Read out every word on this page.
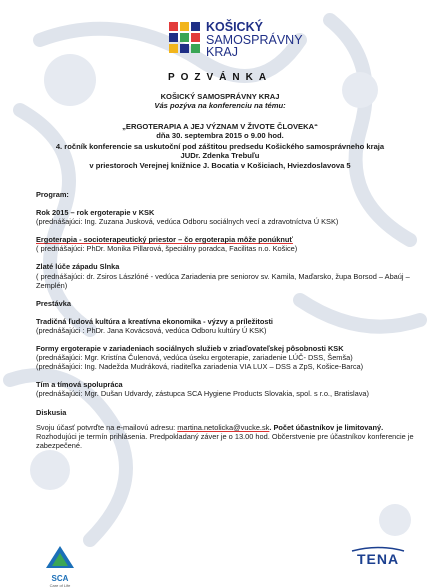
KOŠICKÝ
SAMOSPRÁVNY
KRAJ
POZVÁNKA
KOŠICKÝ SAMOSPRÁVNY KRAJ
Vás pozýva na konferenciu na tému:
„ERGOTERAPIA A JEJ VÝZNAM V ŽIVOTE ČLOVEKA“
dňa 30. septembra 2015 o 9.00 hod.
4. ročník konferencie sa uskutoční pod záštitou predsedu Košického samosprávneho kraja
JUDr. Zdenka Trebuľu
v priestoroch Verejnej knižnice J. Bocatia v Košiciach, Hviezdoslavova 5

Program:

Rok 2015 – rok ergoterapie v KSK

(prednášajúci: Ing. Zuzana Jusková, vedúca Odboru sociálnych vecí a zdravotníctva Ú KSK)

Ergoterapia - socioterapeutický priestor – čo ergoterapia môže ponúknuť

( prednášajúci: PhDr. Monika Pillarová, špeciálny poradca, Facilitas n.o. Košice)

Zlaté lúče západu Slnka

( prednášajúci: dr. Zsiros Lászlóné - vedúca Zariadenia pre seniorov sv. Kamila, Maďarsko, župa Borsod – Abaúj – Zemplén)

Prestávka

Tradičná ľudová kultúra a kreatívna ekonomika - výzvy a príležitosti

(prednášajúci : PhDr. Jana Kovácsová, vedúca Odboru kultúry Ú KSK)

Formy ergoterapie v zariadeniach sociálnych služieb v zriaďovateľskej pôsobnosti KSK

(prednášajúci: Mgr. Kristína Čulenová, vedúca úseku ergoterapie, zariadenie LÚČ- DSS, Šemša)

(prednášajúci: Ing. Nadežda Mudráková, riaditeľka zariadenia VIA LUX – DSS a ZpS, Košice-Barca)

Tím a tímová spolupráca

(prednášajúci: Mgr. Dušan Udvardy, zástupca SCA Hygiene Products Slovakia, spol. s r.o., Bratislava)

Diskusia

Svoju účasť potvrďte na e-mailovú adresu: martina.netolicka@vucke.sk. Počet účastníkov je limitovaný. Rozhodujúci je termín prihlásenia. Predpokladaný záver je o 13.00 hod. Občerstvenie pre účastníkov konferencie je zabezpečené.

SCA
Care of Life
TENA
